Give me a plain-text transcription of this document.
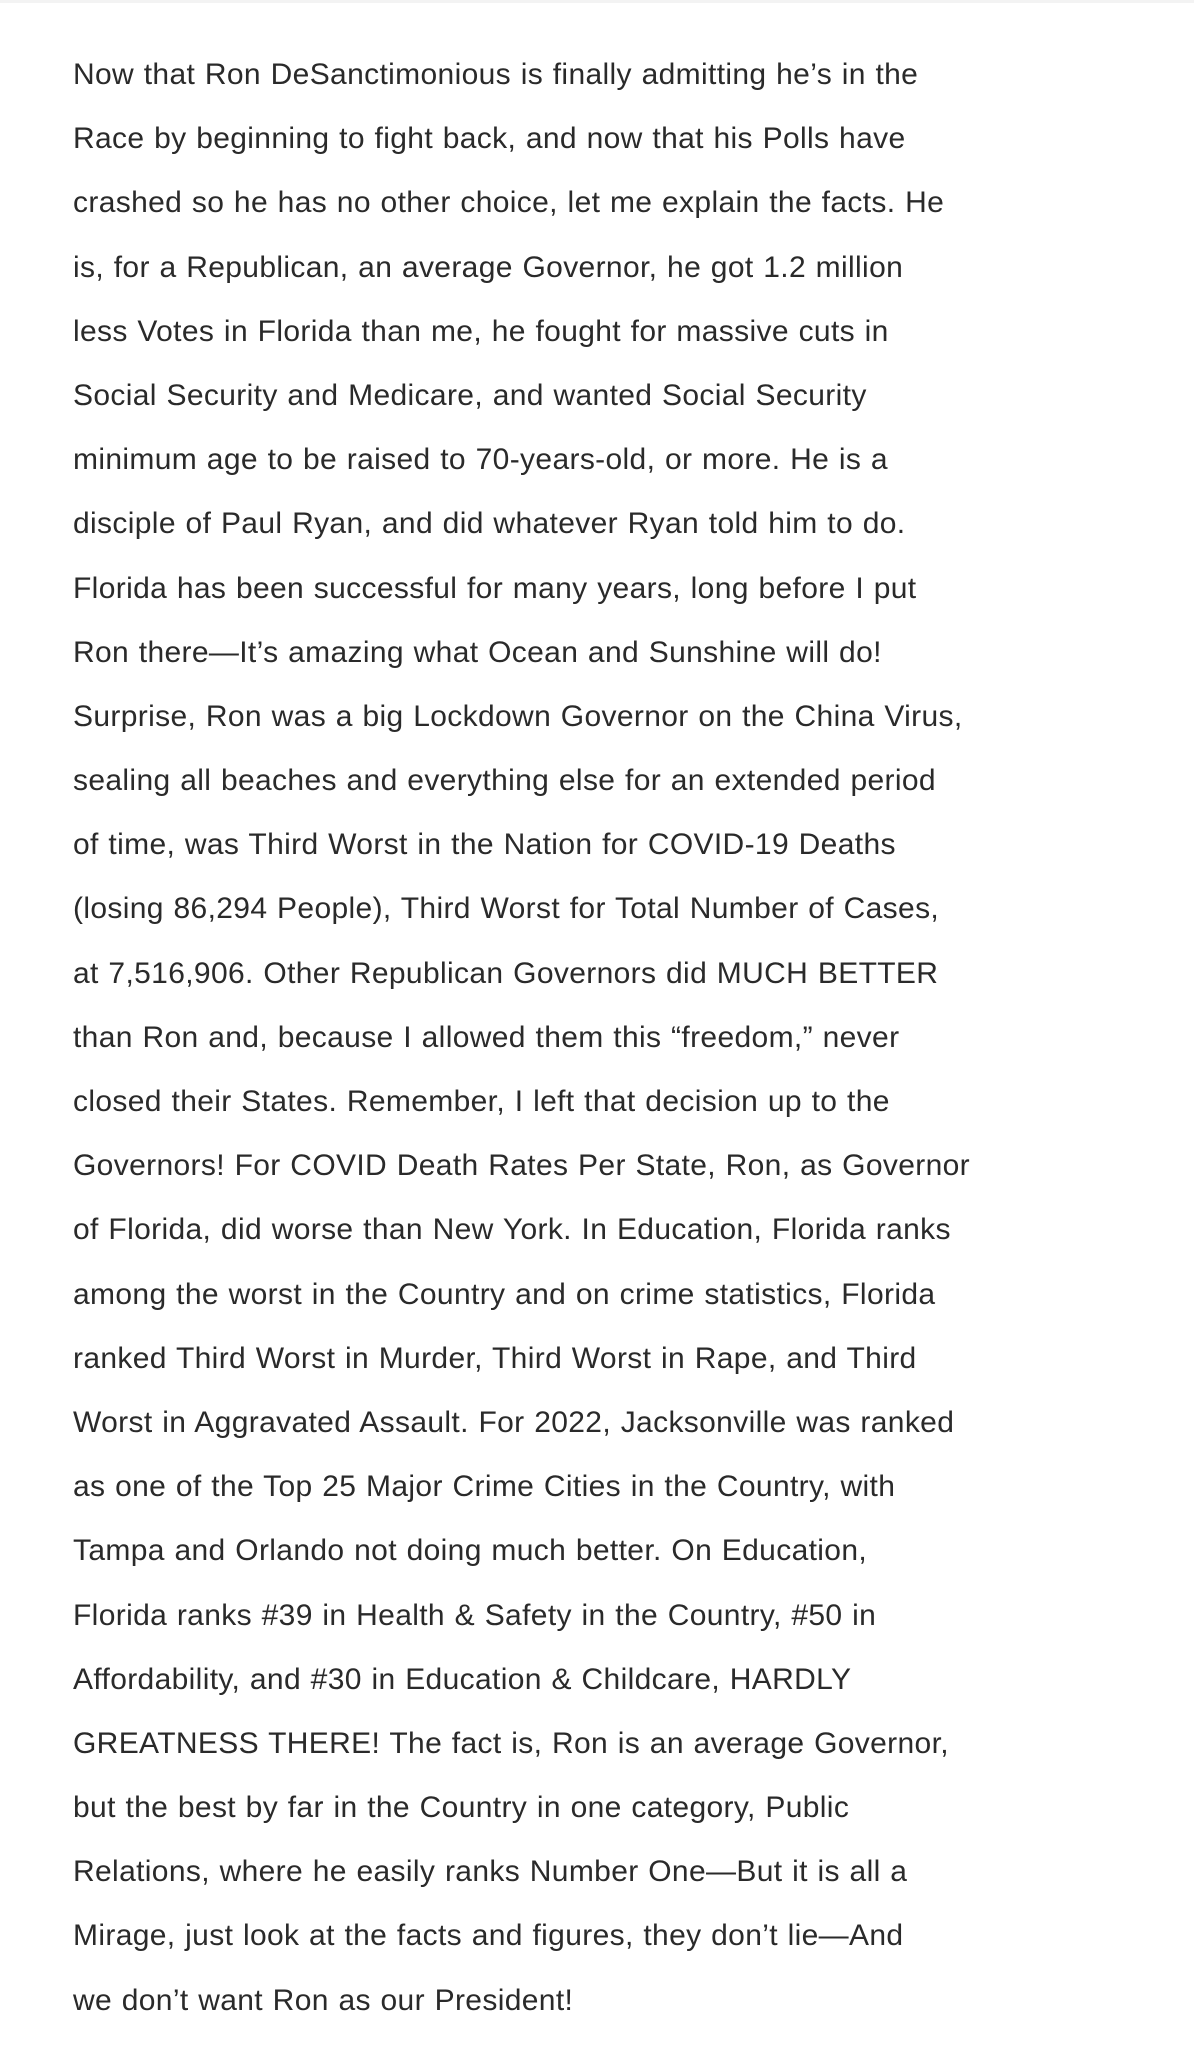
Now that Ron DeSanctimonious is finally admitting he’s in the
Race by beginning to fight back, and now that his Polls have
crashed so he has no other choice, let me explain the facts. He
is, for a Republican, an average Governor, he got 1.2 million
less Votes in Florida than me, he fought for massive cuts in
Social Security and Medicare, and wanted Social Security
minimum age to be raised to 70-years-old, or more. He is a
disciple of Paul Ryan, and did whatever Ryan told him to do.
Florida has been successful for many years, long before I put
Ron there—It’s amazing what Ocean and Sunshine will do!
Surprise, Ron was a big Lockdown Governor on the China Virus,
sealing all beaches and everything else for an extended period
of time, was Third Worst in the Nation for COVID-19 Deaths
(losing 86,294 People), Third Worst for Total Number of Cases,
at 7,516,906. Other Republican Governors did MUCH BETTER
than Ron and, because I allowed them this “freedom,” never
closed their States. Remember, I left that decision up to the
Governors! For COVID Death Rates Per State, Ron, as Governor
of Florida, did worse than New York. In Education, Florida ranks
among the worst in the Country and on crime statistics, Florida
ranked Third Worst in Murder, Third Worst in Rape, and Third
Worst in Aggravated Assault. For 2022, Jacksonville was ranked
as one of the Top 25 Major Crime Cities in the Country, with
Tampa and Orlando not doing much better. On Education,
Florida ranks #39 in Health & Safety in the Country, #50 in
Affordability, and #30 in Education & Childcare, HARDLY
GREATNESS THERE! The fact is, Ron is an average Governor,
but the best by far in the Country in one category, Public
Relations, where he easily ranks Number One—But it is all a
Mirage, just look at the facts and figures, they don’t lie—And
we don’t want Ron as our President!
